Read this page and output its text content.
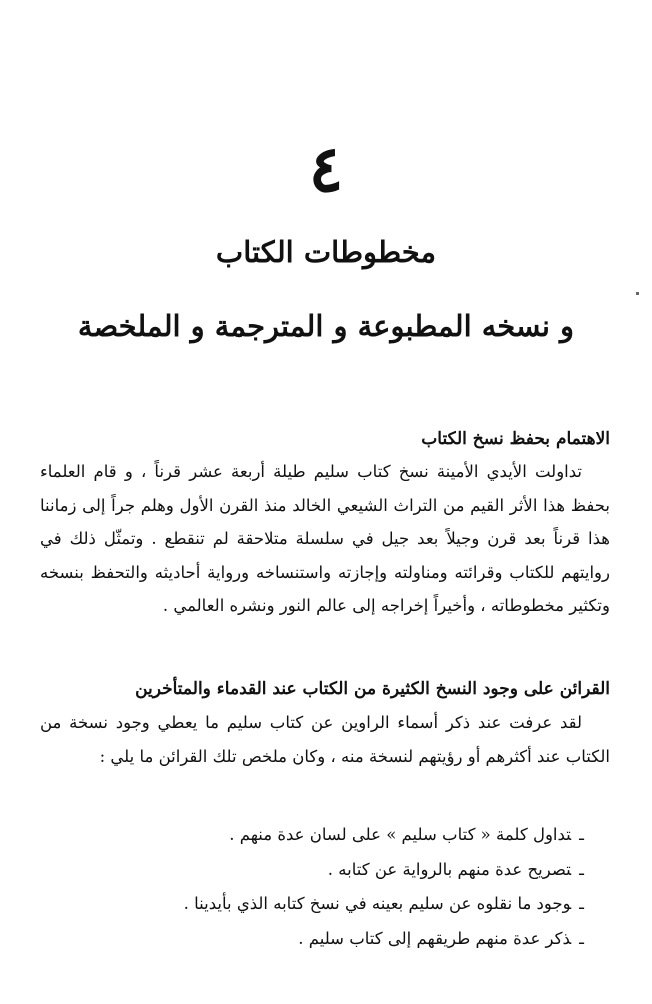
٤
مخطوطات الكتاب
و نسخه المطبوعة و المترجمة و الملخصة
الاهتمام بحفظ نسخ الكتاب
تداولت الأيدي الأمينة نسخ كتاب سليم طيلة أربعة عشر قرناً ، و قام العلماء بحفظ هذا الأثر القيم من التراث الشيعي الخالد منذ القرن الأول وهلم جراً إلى زماننا هذا قرناً بعد قرن وجيلاً بعد جيل في سلسلة متلاحقة لم تنقطع . وتمثّل ذلك في روايتهم للكتاب وقرائته ومناولته وإجازته واستنساخه ورواية أحاديثه والتحفظ بنسخه وتكثير مخطوطاته ، وأخيراً إخراجه إلى عالم النور ونشره العالمي .
القرائن على وجود النسخ الكثيرة من الكتاب عند القدماء والمتأخرين
لقد عرفت عند ذكر أسماء الراوين عن كتاب سليم ما يعطي وجود نسخة من الكتاب عند أكثرهم أو رؤيتهم لنسخة منه ، وكان ملخص تلك القرائن ما يلي :
ـتداول كلمة « كتاب سليم » على لسان عدة منهم .
ـتصريح عدة منهم بالرواية عن كتابه .
ـوجود ما نقلوه عن سليم بعينه في نسخ كتابه الذي بأيدينا .
ـذكر عدة منهم طريقهم إلى كتاب سليم .
